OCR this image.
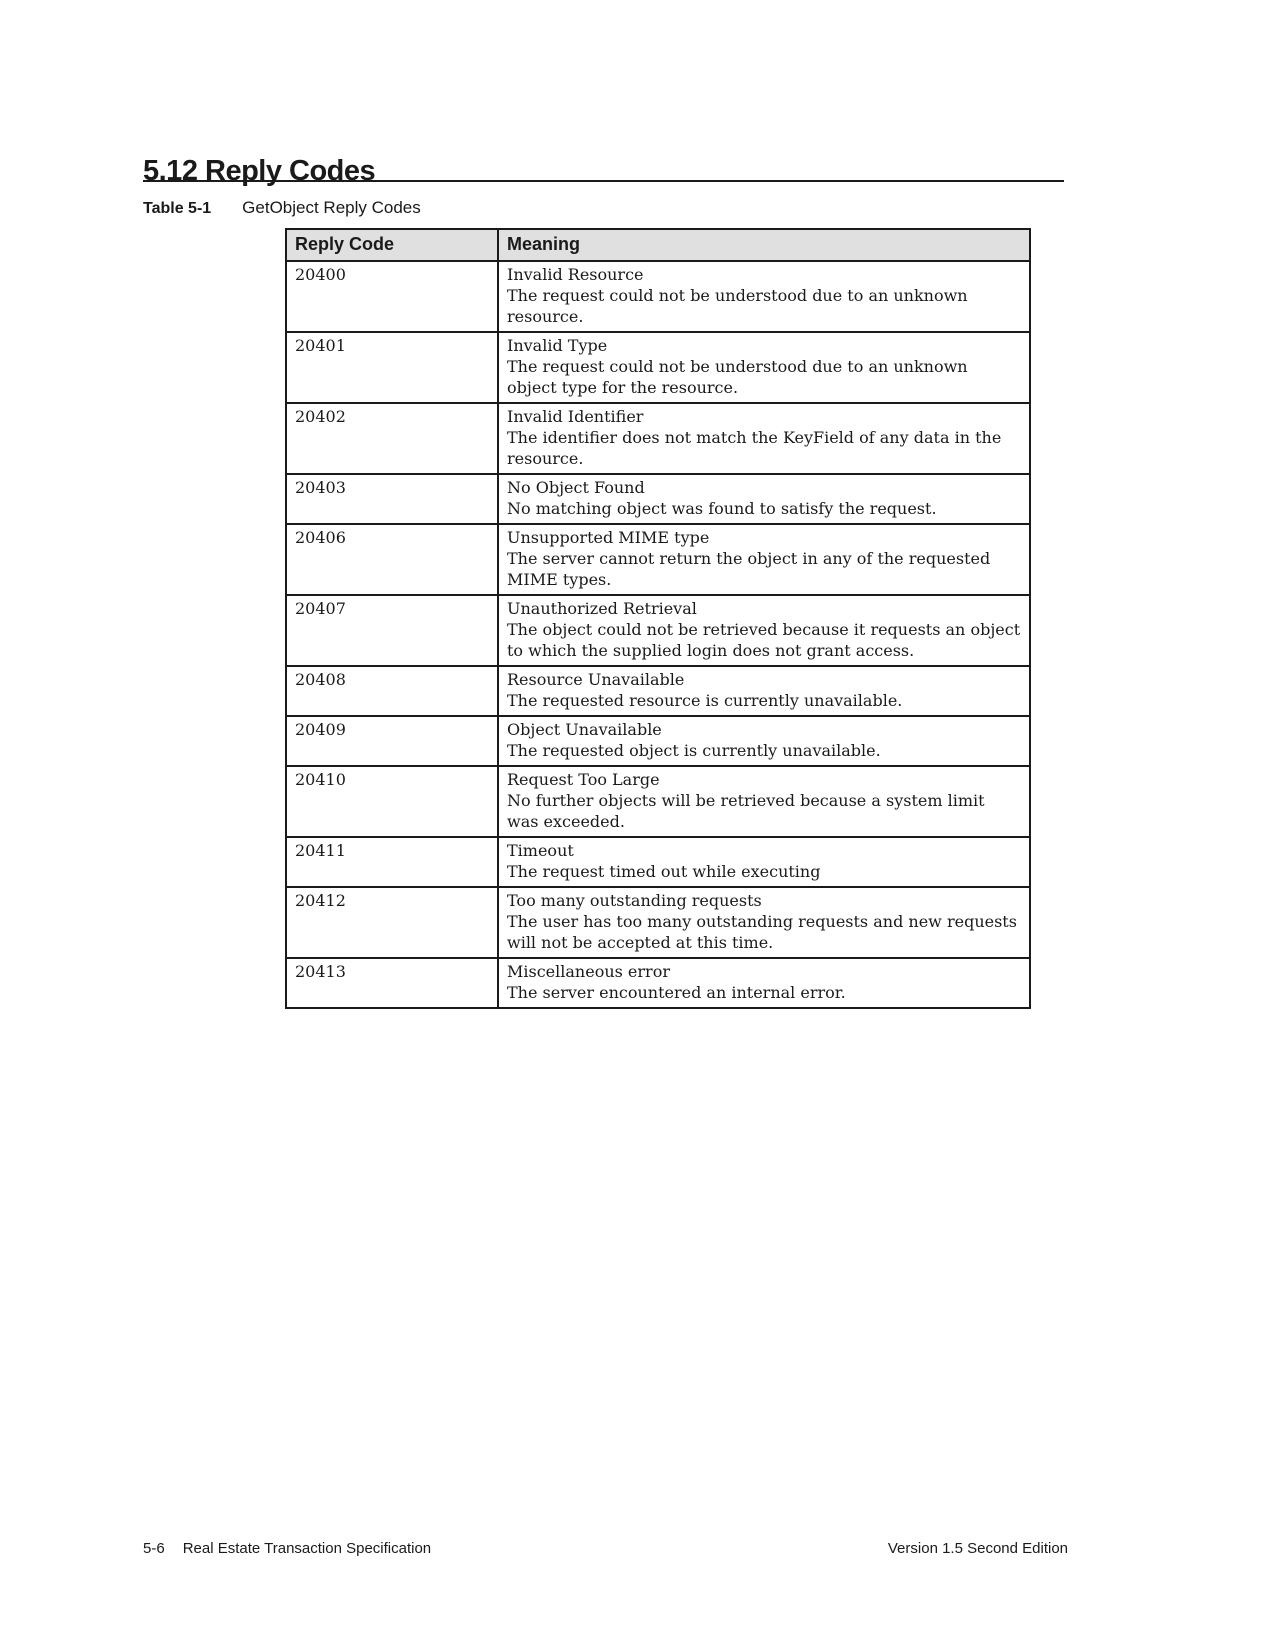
5.12 Reply Codes
Table 5-1 GetObject Reply Codes
Reply Code	Meaning
20400	Invalid Resource
The request could not be understood due to an unknown resource.

20401	Invalid Type
The request could not be understood due to an unknown object type for the resource.

20402	Invalid Identifier
The identifier does not match the KeyField of any data in the resource.

20403	No Object Found
No matching object was found to satisfy the request.

20406	Unsupported MIME type
The server cannot return the object in any of the requested MIME types.

20407	Unauthorized Retrieval
The object could not be retrieved because it requests an object to which the supplied login does not grant access.

20408	Resource Unavailable
The requested resource is currently unavailable.

20409	Object Unavailable
The requested object is currently unavailable.

20410	Request Too Large
No further objects will be retrieved because a system limit was exceeded.

20411	Timeout
The request timed out while executing

20412	Too many outstanding requests
The user has too many outstanding requests and new requests will not be accepted at this time.

20413	Miscellaneous error
The server encountered an internal error.
5-6 Real Estate Transaction Specification	Version 1.5 Second Edition
